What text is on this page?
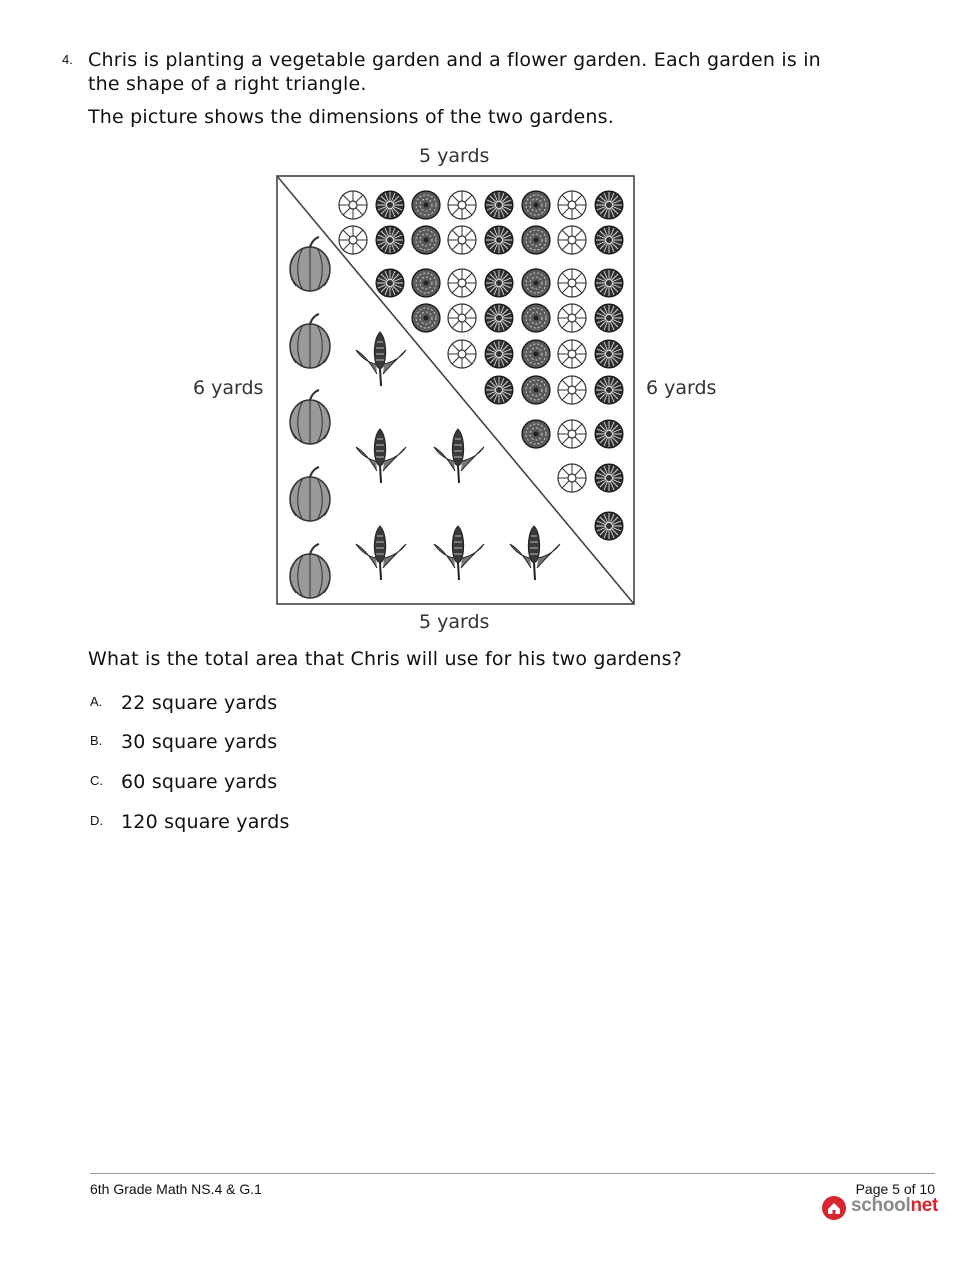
4. Chris is planting a vegetable garden and a flower garden. Each garden is in the shape of a right triangle.
The picture shows the dimensions of the two gardens.
5 yards
5 yards
6 yards	6 yards
What is the total area that Chris will use for his two gardens?
A. 22 square yards
B. 30 square yards
C. 60 square yards
D. 120 square yards
6th Grade Math NS.4 & G.1	Page 5 of 10
schoolnet
